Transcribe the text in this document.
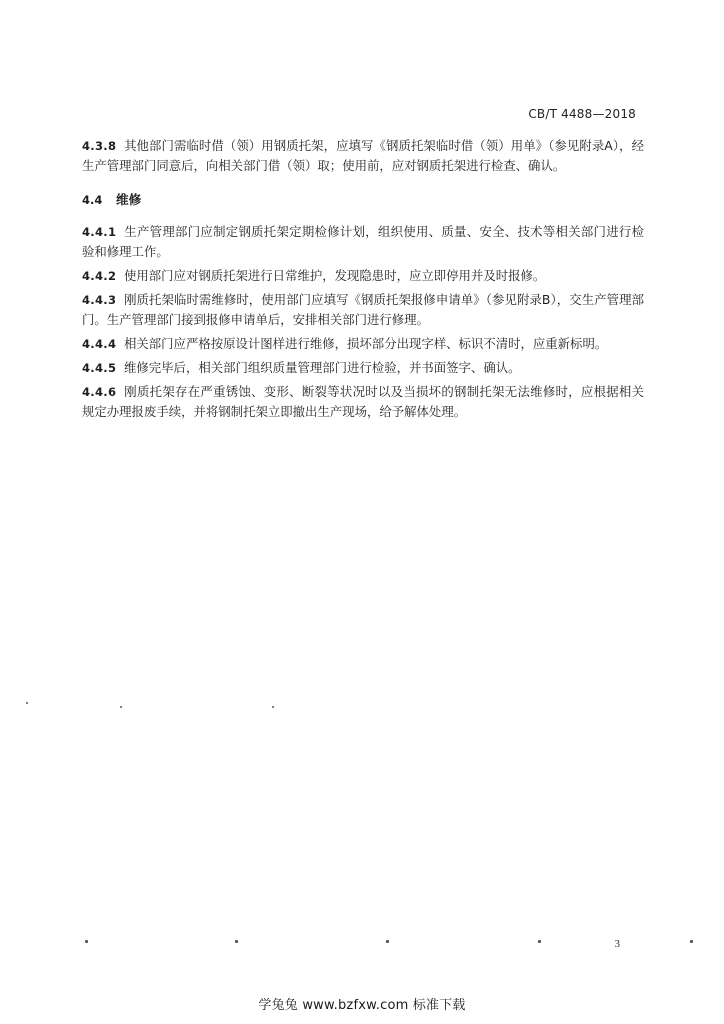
CB/T 4488—2018

4.3.8 其他部门需临时借（领）用钢质托架，应填写《钢质托架临时借（领）用单》（参见附录A），经生产管理部门同意后，向相关部门借（领）取；使用前，应对钢质托架进行检查、确认。

4.4 维修

4.4.1 生产管理部门应制定钢质托架定期检修计划，组织使用、质量、安全、技术等相关部门进行检验和修理工作。

4.4.2 使用部门应对钢质托架进行日常维护，发现隐患时，应立即停用并及时报修。

4.4.3 刚质托架临时需维修时，使用部门应填写《钢质托架报修申请单》（参见附录B），交生产管理部门。生产管理部门接到报修申请单后，安排相关部门进行修理。

4.4.4 相关部门应严格按原设计图样进行维修，损坏部分出现字样、标识不清时，应重新标明。

4.4.5 维修完毕后，相关部门组织质量管理部门进行检验，并书面签字、确认。

4.4.6 刚质托架存在严重锈蚀、变形、断裂等状况时以及当损坏的钢制托架无法维修时，应根据相关规定办理报废手续，并将钢制托架立即撤出生产现场，给予解体处理。

3
学兔兔 www.bzfxw.com 标准下载
